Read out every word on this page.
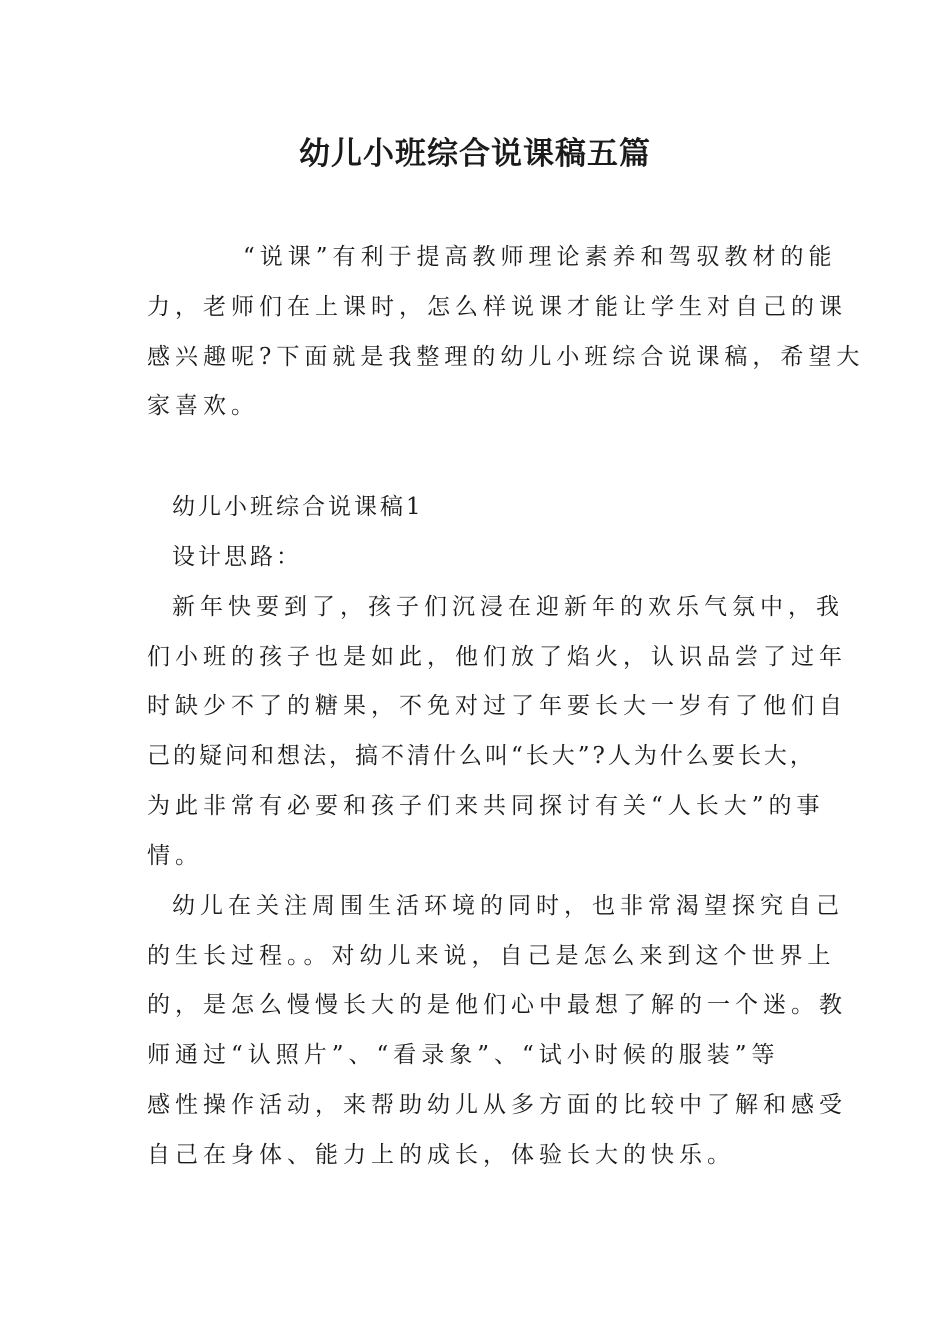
幼儿小班综合说课稿五篇
“说课”有利于提高教师理论素养和驾驭教材的能
力，老师们在上课时，怎么样说课才能让学生对自己的课
感兴趣呢?下面就是我整理的幼儿小班综合说课稿，希望大
家喜欢。
幼儿小班综合说课稿1
设计思路：
新年快要到了，孩子们沉浸在迎新年的欢乐气氛中，我
们小班的孩子也是如此，他们放了焰火，认识品尝了过年
时缺少不了的糖果，不免对过了年要长大一岁有了他们自
己的疑问和想法，搞不清什么叫“长大”?人为什么要长大，
为此非常有必要和孩子们来共同探讨有关“人长大”的事
情。
幼儿在关注周围生活环境的同时，也非常渴望探究自己
的生长过程。。对幼儿来说，自己是怎么来到这个世界上
的，是怎么慢慢长大的是他们心中最想了解的一个迷。教
师通过“认照片”、“看录象”、“试小时候的服装”等
感性操作活动，来帮助幼儿从多方面的比较中了解和感受
自己在身体、能力上的成长，体验长大的快乐。
